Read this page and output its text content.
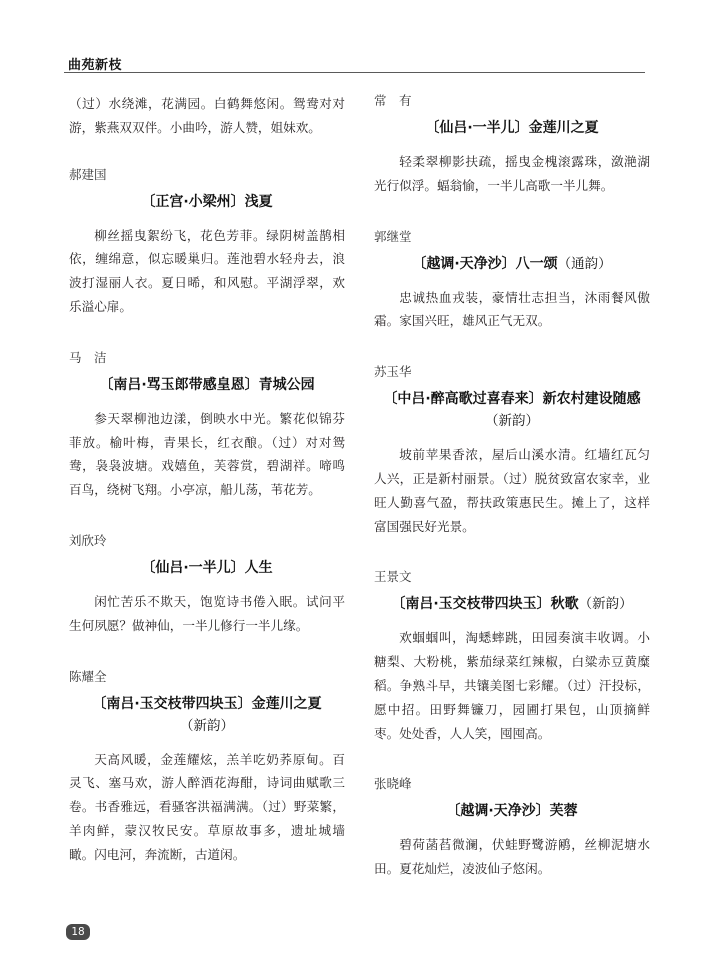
曲苑新枝

（过）水绕滩，花满园。白鹤舞悠闲。鸳鸯对对游，紫燕双双伴。小曲吟，游人赞，姐妹欢。

郝建国
〔正宫·小梁州〕浅夏

柳丝摇曳絮纷飞，花色芳菲。绿阴树盖鹊相依，缠绵意，似忘暖巢归。莲池碧水轻舟去，浪波打湿丽人衣。夏日晞，和风慰。平湖浮翠，欢乐溢心扉。

马　洁
〔南吕·骂玉郎带感皇恩〕青城公园

参天翠柳池边漾，倒映水中光。繁花似锦芬菲放。榆叶梅，青果长，红衣酿。（过）对对鸳鸯，袅袅波塘。戏嬉鱼，芙蓉赏，碧湖祥。啼鸣百鸟，绕树飞翔。小亭凉，船儿荡，苇花芳。

刘欣玲
〔仙吕·一半儿〕人生

闲忙苦乐不欺天，饱览诗书倦入眠。试问平生何夙愿？做神仙，一半儿修行一半儿缘。

陈耀全
〔南吕·玉交枝带四块玉〕金莲川之夏
（新韵）

天高风暖，金莲耀炫，羔羊吃奶荞原甸。百灵飞、塞马欢，游人醉酒花海酣，诗词曲赋歌三卷。书香雅远，看骚客洪福满满。（过）野菜繁，羊肉鲜，蒙汉牧民安。草原故事多，遗址城墙瞰。闪电河，奔流断，古道闲。

常　有
〔仙吕·一半儿〕金莲川之夏

轻柔翠柳影扶疏，摇曳金槐滚露珠，潋滟湖光行似浮。蝠翁愉，一半儿高歌一半儿舞。

郭继堂
〔越调·天净沙〕八一颂（通韵）

忠诚热血戎装，豪情壮志担当，沐雨餐风傲霜。家国兴旺，雄风正气无双。

苏玉华
〔中吕·醉高歌过喜春来〕新农村建设随感（新韵）

坡前苹果香浓，屋后山溪水清。红墙红瓦匀人兴，正是新村丽景。（过）脱贫致富农家幸，业旺人勤喜气盈，帮扶政策惠民生。摊上了，这样富国强民好光景。

王景文
〔南吕·玉交枝带四块玉〕秋歌（新韵）

欢蝈蝈叫，淘蟋蟀跳，田园奏演丰收调。小糖梨、大粉桃，紫茄绿菜红辣椒，白粱赤豆黄糜稻。争熟斗早，共镶美图七彩耀。（过）汗投标，愿中招。田野舞镰刀，园圃打果包，山顶摘鲜枣。处处香，人人笑，囤囤高。

张晓峰
〔越调·天净沙〕芙蓉

碧荷菡萏微澜，伏蛙野鹭游鹇，丝柳泥塘水田。夏花灿烂，凌波仙子悠闲。

18
